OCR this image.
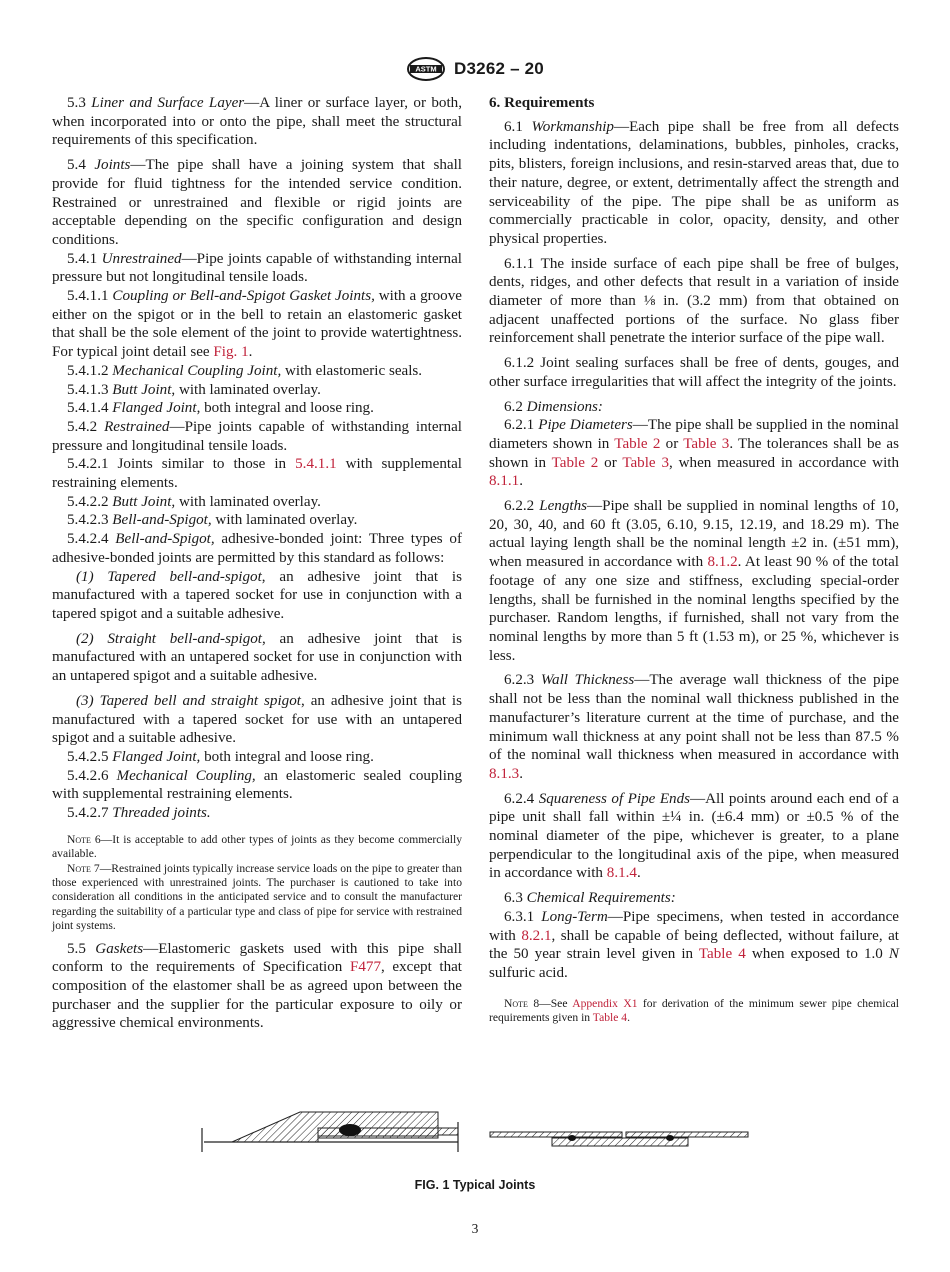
ASTM D3262 – 20

5.3 Liner and Surface Layer—A liner or surface layer, or both, when incorporated into or onto the pipe, shall meet the structural requirements of this specification.

5.4 Joints—The pipe shall have a joining system that shall provide for fluid tightness for the intended service condition. Restrained or unrestrained and flexible or rigid joints are acceptable depending on the specific configuration and design conditions.

5.4.1 Unrestrained—Pipe joints capable of withstanding internal pressure but not longitudinal tensile loads.

5.4.1.1 Coupling or Bell-and-Spigot Gasket Joints, with a groove either on the spigot or in the bell to retain an elastomeric gasket that shall be the sole element of the joint to provide watertightness. For typical joint detail see Fig. 1.

5.4.1.2 Mechanical Coupling Joint, with elastomeric seals.

5.4.1.3 Butt Joint, with laminated overlay.

5.4.1.4 Flanged Joint, both integral and loose ring.

5.4.2 Restrained—Pipe joints capable of withstanding internal pressure and longitudinal tensile loads.

5.4.2.1 Joints similar to those in 5.4.1.1 with supplemental restraining elements.

5.4.2.2 Butt Joint, with laminated overlay.

5.4.2.3 Bell-and-Spigot, with laminated overlay.

5.4.2.4 Bell-and-Spigot, adhesive-bonded joint: Three types of adhesive-bonded joints are permitted by this standard as follows:

(1) Tapered bell-and-spigot, an adhesive joint that is manufactured with a tapered socket for use in conjunction with a tapered spigot and a suitable adhesive.

(2) Straight bell-and-spigot, an adhesive joint that is manufactured with an untapered socket for use in conjunction with an untapered spigot and a suitable adhesive.

(3) Tapered bell and straight spigot, an adhesive joint that is manufactured with a tapered socket for use with an untapered spigot and a suitable adhesive.

5.4.2.5 Flanged Joint, both integral and loose ring.

5.4.2.6 Mechanical Coupling, an elastomeric sealed coupling with supplemental restraining elements.

5.4.2.7 Threaded joints.

Note 6—It is acceptable to add other types of joints as they become commercially available.

Note 7—Restrained joints typically increase service loads on the pipe to greater than those experienced with unrestrained joints. The purchaser is cautioned to take into consideration all conditions in the anticipated service and to consult the manufacturer regarding the suitability of a particular type and class of pipe for service with restrained joint systems.

5.5 Gaskets—Elastomeric gaskets used with this pipe shall conform to the requirements of Specification F477, except that composition of the elastomer shall be as agreed upon between the purchaser and the supplier for the particular exposure to oily or aggressive chemical environments.

6. Requirements

6.1 Workmanship—Each pipe shall be free from all defects including indentations, delaminations, bubbles, pinholes, cracks, pits, blisters, foreign inclusions, and resin-starved areas that, due to their nature, degree, or extent, detrimentally affect the strength and serviceability of the pipe. The pipe shall be as uniform as commercially practicable in color, opacity, density, and other physical properties.

6.1.1 The inside surface of each pipe shall be free of bulges, dents, ridges, and other defects that result in a variation of inside diameter of more than ⅛ in. (3.2 mm) from that obtained on adjacent unaffected portions of the surface. No glass fiber reinforcement shall penetrate the interior surface of the pipe wall.

6.1.2 Joint sealing surfaces shall be free of dents, gouges, and other surface irregularities that will affect the integrity of the joints.

6.2 Dimensions:

6.2.1 Pipe Diameters—The pipe shall be supplied in the nominal diameters shown in Table 2 or Table 3. The tolerances shall be as shown in Table 2 or Table 3, when measured in accordance with 8.1.1.

6.2.2 Lengths—Pipe shall be supplied in nominal lengths of 10, 20, 30, 40, and 60 ft (3.05, 6.10, 9.15, 12.19, and 18.29 m). The actual laying length shall be the nominal length ±2 in. (±51 mm), when measured in accordance with 8.1.2. At least 90 % of the total footage of any one size and stiffness, excluding special-order lengths, shall be furnished in the nominal lengths specified by the purchaser. Random lengths, if furnished, shall not vary from the nominal lengths by more than 5 ft (1.53 m), or 25 %, whichever is less.

6.2.3 Wall Thickness—The average wall thickness of the pipe shall not be less than the nominal wall thickness published in the manufacturer’s literature current at the time of purchase, and the minimum wall thickness at any point shall not be less than 87.5 % of the nominal wall thickness when measured in accordance with 8.1.3.

6.2.4 Squareness of Pipe Ends—All points around each end of a pipe unit shall fall within ±¼ in. (±6.4 mm) or ±0.5 % of the nominal diameter of the pipe, whichever is greater, to a plane perpendicular to the longitudinal axis of the pipe, when measured in accordance with 8.1.4.

6.3 Chemical Requirements:

6.3.1 Long-Term—Pipe specimens, when tested in accordance with 8.2.1, shall be capable of being deflected, without failure, at the 50 year strain level given in Table 4 when exposed to 1.0 N sulfuric acid.

Note 8—See Appendix X1 for derivation of the minimum sewer pipe chemical requirements given in Table 4.

FIG. 1 Typical Joints
3
